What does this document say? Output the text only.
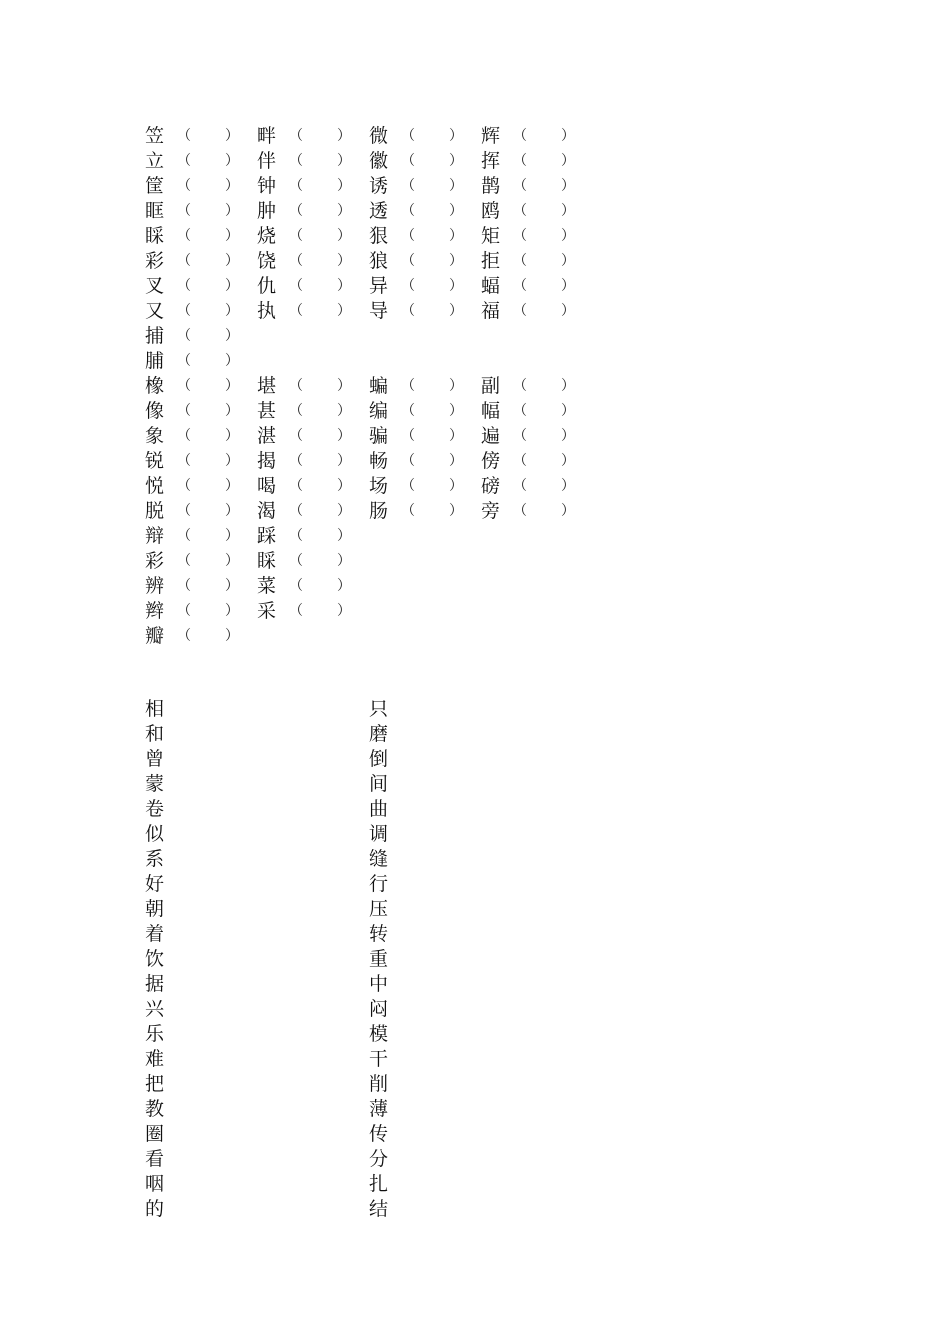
笠 （ ）
立 （ ）
筐 （ ）
眶 （ ）
睬 （ ）
彩 （ ）
叉 （ ）
又 （ ）
捕 （ ）
脯 （ ）
橡 （ ）
像 （ ）
象 （ ）
锐 （ ）
悦 （ ）
脱 （ ）
辩 （ ）
彩 （ ）
辨 （ ）
辫 （ ）
瓣 （ ）
畔 （ ）
伴 （ ）
钟 （ ）
肿 （ ）
烧 （ ）
饶 （ ）
仇 （ ）
执 （ ）
堪 （ ）
甚 （ ）
湛 （ ）
揭 （ ）
喝 （ ）
渴 （ ）
踩 （ ）
睬 （ ）
菜 （ ）
采 （ ）
微 （ ）
徽 （ ）
诱 （ ）
透 （ ）
狠 （ ）
狼 （ ）
异 （ ）
导 （ ）
蝙 （ ）
编 （ ）
骗 （ ）
畅 （ ）
场 （ ）
肠 （ ）
辉 （ ）
挥 （ ）
鹊 （ ）
鸥 （ ）
矩 （ ）
拒 （ ）
蝠 （ ）
福 （ ）
副 （ ）
幅 （ ）
遍 （ ）
傍 （ ）
磅 （ ）
旁 （ ）
相
和
曾
蒙
卷
似
系
好
朝
着
饮
据
兴
乐
难
把
教
圈
看
咽
的
只
磨
倒
间
曲
调
缝
行
压
转
重
中
闷
模
干
削
薄
传
分
扎
结
